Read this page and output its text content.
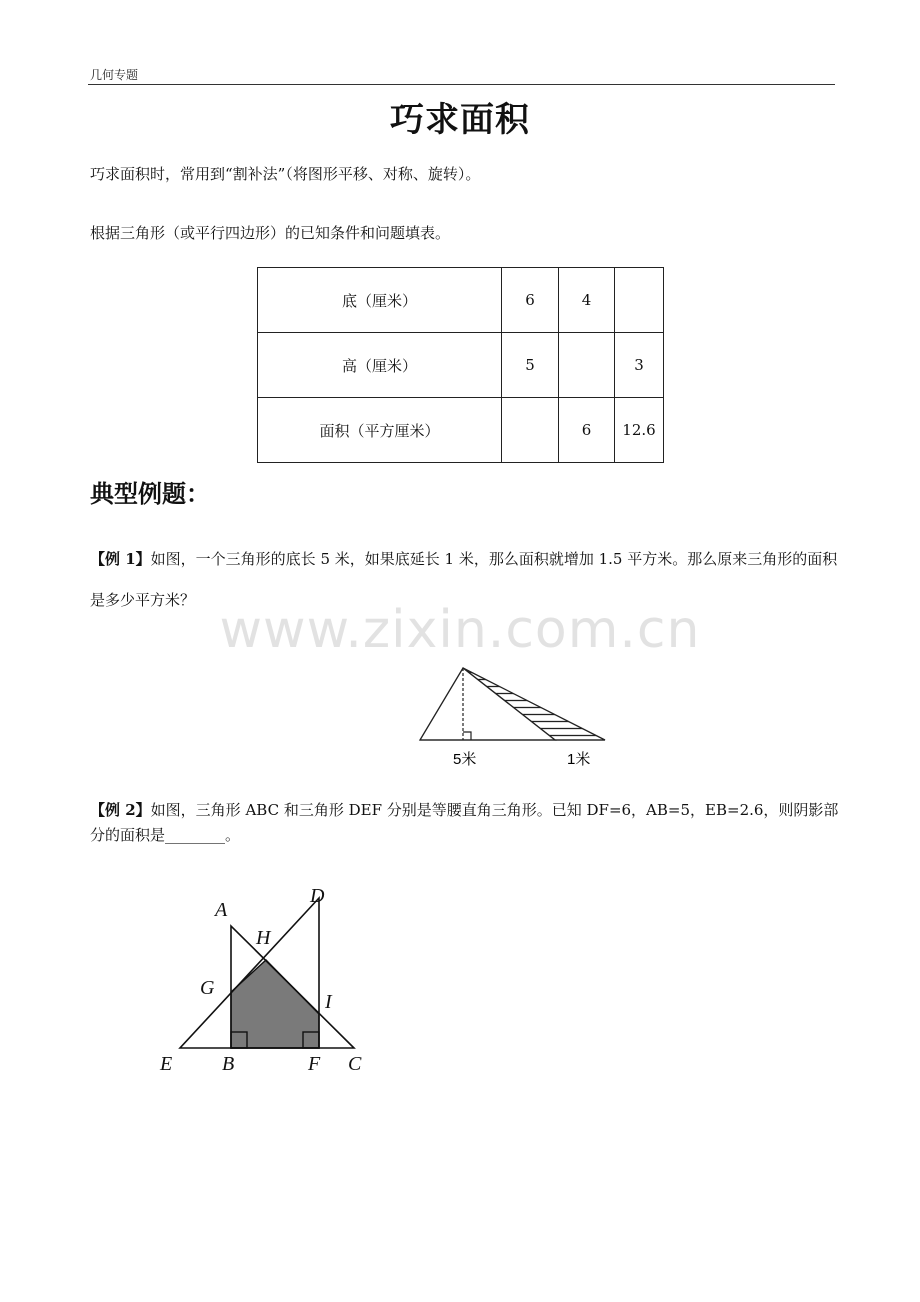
几何专题
巧求面积
巧求面积时，常用到“割补法”（将图形平移、对称、旋转）。
根据三角形（或平行四边形）的已知条件和问题填表。
底（厘米）	6	4	
高（厘米）	5		3
面积（平方厘米）		6	12.6
典型例题：
【例 1】如图，一个三角形的底长 5 米，如果底延长 1 米，那么面积就增加 1.5 平方米。那么原来三角形的面积是多少平方米？ www.zixin.com.cn
5米	1米
【例 2】如图，三角形 ABC 和三角形 DEF 分别是等腰直角三角形。已知 DF=6，AB=5，EB=2.6，则阴影部分的面积是________。
A
D
H
G
I
E B	F C
